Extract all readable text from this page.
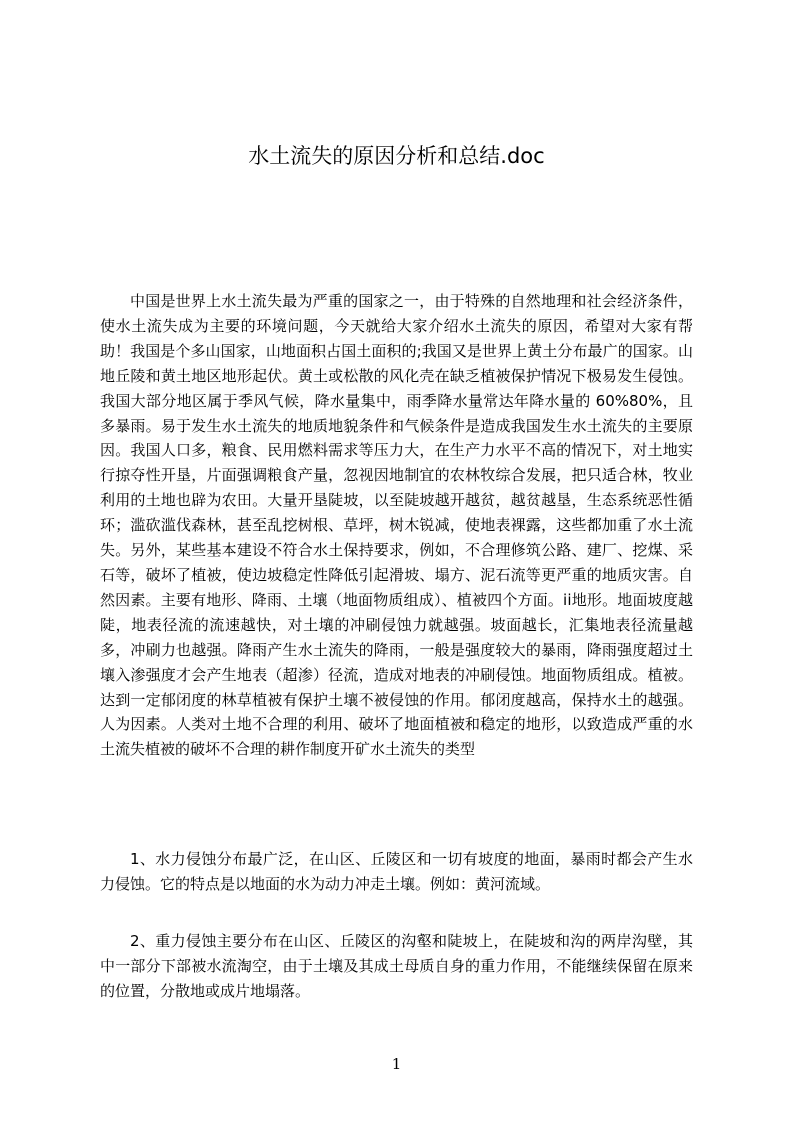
水土流失的原因分析和总结.doc

中国是世界上水土流失最为严重的国家之一，由于特殊的自然地理和社会经济条件，使水土流失成为主要的环境问题，今天就给大家介绍水土流失的原因，希望对大家有帮助！我国是个多山国家，山地面积占国土面积的;我国又是世界上黄土分布最广的国家。山地丘陵和黄土地区地形起伏。黄土或松散的风化壳在缺乏植被保护情况下极易发生侵蚀。我国大部分地区属于季风气候，降水量集中，雨季降水量常达年降水量的 60%80%，且多暴雨。易于发生水土流失的地质地貌条件和气候条件是造成我国发生水土流失的主要原因。我国人口多，粮食、民用燃料需求等压力大，在生产力水平不高的情况下，对土地实行掠夺性开垦，片面强调粮食产量，忽视因地制宜的农林牧综合发展，把只适合林，牧业利用的土地也辟为农田。大量开垦陡坡，以至陡坡越开越贫，越贫越垦，生态系统恶性循环；滥砍滥伐森林，甚至乱挖树根、草坪，树木锐减，使地表裸露，这些都加重了水土流失。另外，某些基本建设不符合水土保持要求，例如，不合理修筑公路、建厂、挖煤、采石等，破坏了植被，使边坡稳定性降低引起滑坡、塌方、泥石流等更严重的地质灾害。自然因素。主要有地形、降雨、土壤（地面物质组成）、植被四个方面。ⅰⅰ地形。地面坡度越陡，地表径流的流速越快，对土壤的冲刷侵蚀力就越强。坡面越长，汇集地表径流量越多，冲刷力也越强。降雨产生水土流失的降雨，一般是强度较大的暴雨，降雨强度超过土壤入渗强度才会产生地表（超渗）径流，造成对地表的冲刷侵蚀。地面物质组成。植被。达到一定郁闭度的林草植被有保护土壤不被侵蚀的作用。郁闭度越高，保持水土的越强。人为因素。人类对土地不合理的利用、破坏了地面植被和稳定的地形，以致造成严重的水土流失植被的破坏不合理的耕作制度开矿水土流失的类型

1、水力侵蚀分布最广泛，在山区、丘陵区和一切有坡度的地面，暴雨时都会产生水力侵蚀。它的特点是以地面的水为动力冲走土壤。例如：黄河流域。

2、重力侵蚀主要分布在山区、丘陵区的沟壑和陡坡上，在陡坡和沟的两岸沟壁，其中一部分下部被水流淘空，由于土壤及其成土母质自身的重力作用，不能继续保留在原来的位置，分散地或成片地塌落。

1
